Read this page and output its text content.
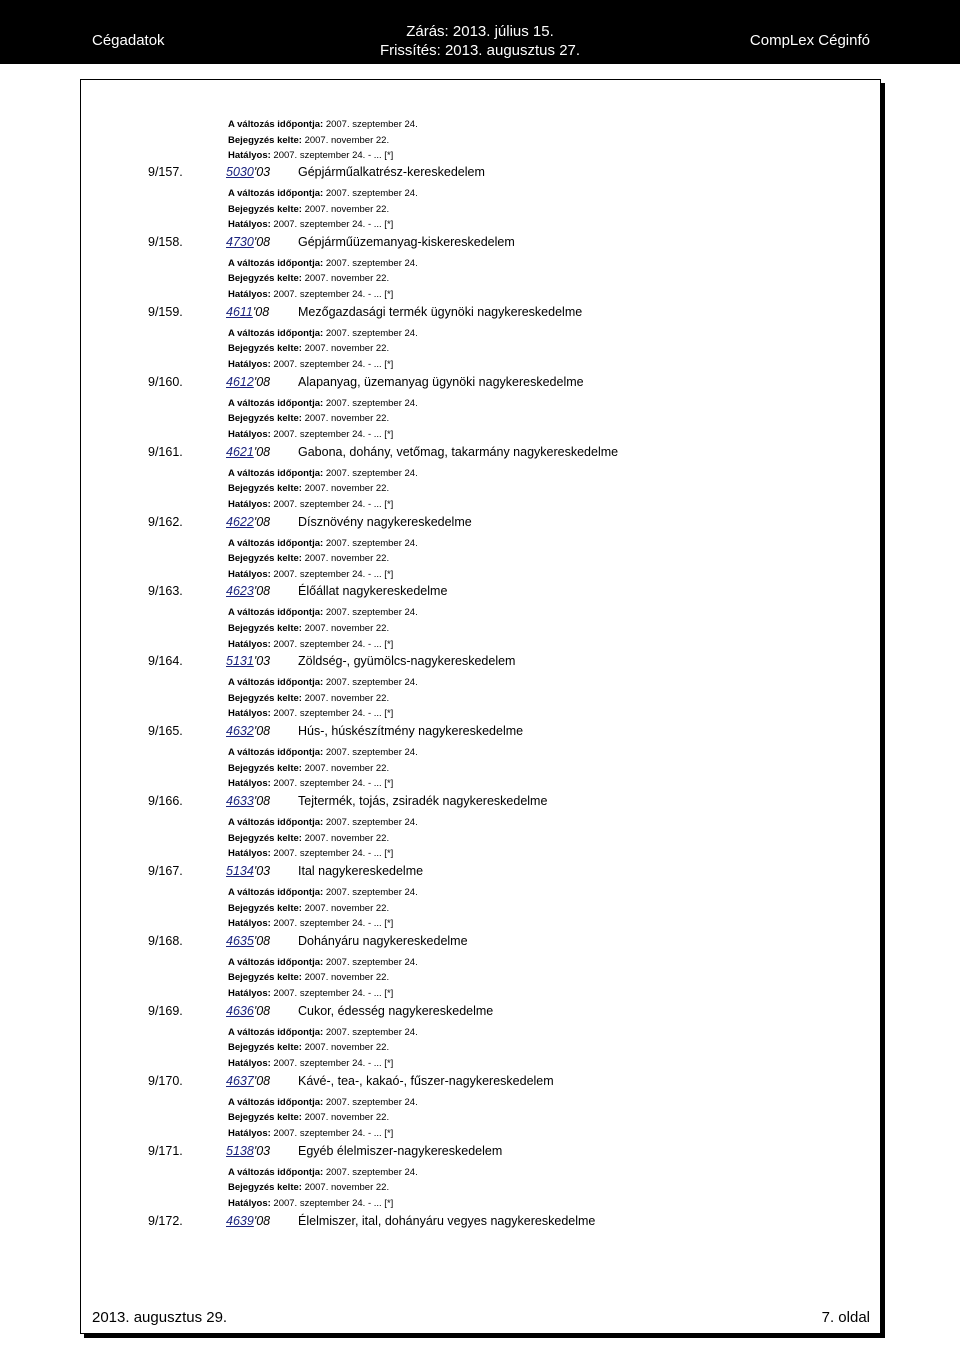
Cégadatok
Zárás: 2013. július 15.
Frissítés: 2013. augusztus 27.
CompLex Céginfó
A változás időpontja: 2007. szeptember 24.
Bejegyzés kelte: 2007. november 22.
Hatályos: 2007. szeptember 24. - ... [*]
9/157.	5030'03 Gépjárműalkatrész-kereskedelem
A változás időpontja: 2007. szeptember 24.
Bejegyzés kelte: 2007. november 22.
Hatályos: 2007. szeptember 24. - ... [*]
9/158.	4730'08 Gépjárműüzemanyag-kiskereskedelem
A változás időpontja: 2007. szeptember 24.
Bejegyzés kelte: 2007. november 22.
Hatályos: 2007. szeptember 24. - ... [*]
9/159.	4611'08 Mezőgazdasági termék ügynöki nagykereskedelme
A változás időpontja: 2007. szeptember 24.
Bejegyzés kelte: 2007. november 22.
Hatályos: 2007. szeptember 24. - ... [*]
9/160.	4612'08 Alapanyag, üzemanyag ügynöki nagykereskedelme
A változás időpontja: 2007. szeptember 24.
Bejegyzés kelte: 2007. november 22.
Hatályos: 2007. szeptember 24. - ... [*]
9/161.	4621'08 Gabona, dohány, vetőmag, takarmány nagykereskedelme
A változás időpontja: 2007. szeptember 24.
Bejegyzés kelte: 2007. november 22.
Hatályos: 2007. szeptember 24. - ... [*]
9/162.	4622'08 Dísznövény nagykereskedelme
A változás időpontja: 2007. szeptember 24.
Bejegyzés kelte: 2007. november 22.
Hatályos: 2007. szeptember 24. - ... [*]
9/163.	4623'08 Élőállat nagykereskedelme
A változás időpontja: 2007. szeptember 24.
Bejegyzés kelte: 2007. november 22.
Hatályos: 2007. szeptember 24. - ... [*]
9/164.	5131'03 Zöldség-, gyümölcs-nagykereskedelem
A változás időpontja: 2007. szeptember 24.
Bejegyzés kelte: 2007. november 22.
Hatályos: 2007. szeptember 24. - ... [*]
9/165.	4632'08 Hús-, húskészítmény nagykereskedelme
A változás időpontja: 2007. szeptember 24.
Bejegyzés kelte: 2007. november 22.
Hatályos: 2007. szeptember 24. - ... [*]
9/166.	4633'08 Tejtermék, tojás, zsiradék nagykereskedelme
A változás időpontja: 2007. szeptember 24.
Bejegyzés kelte: 2007. november 22.
Hatályos: 2007. szeptember 24. - ... [*]
9/167.	5134'03 Ital nagykereskedelme
A változás időpontja: 2007. szeptember 24.
Bejegyzés kelte: 2007. november 22.
Hatályos: 2007. szeptember 24. - ... [*]
9/168.	4635'08 Dohányáru nagykereskedelme
A változás időpontja: 2007. szeptember 24.
Bejegyzés kelte: 2007. november 22.
Hatályos: 2007. szeptember 24. - ... [*]
9/169.	4636'08 Cukor, édesség nagykereskedelme
A változás időpontja: 2007. szeptember 24.
Bejegyzés kelte: 2007. november 22.
Hatályos: 2007. szeptember 24. - ... [*]
9/170.	4637'08 Kávé-, tea-, kakaó-, fűszer-nagykereskedelem
A változás időpontja: 2007. szeptember 24.
Bejegyzés kelte: 2007. november 22.
Hatályos: 2007. szeptember 24. - ... [*]
9/171.	5138'03 Egyéb élelmiszer-nagykereskedelem
A változás időpontja: 2007. szeptember 24.
Bejegyzés kelte: 2007. november 22.
Hatályos: 2007. szeptember 24. - ... [*]
9/172.	4639'08 Élelmiszer, ital, dohányáru vegyes nagykereskedelme
2013. augusztus 29.	7. oldal
